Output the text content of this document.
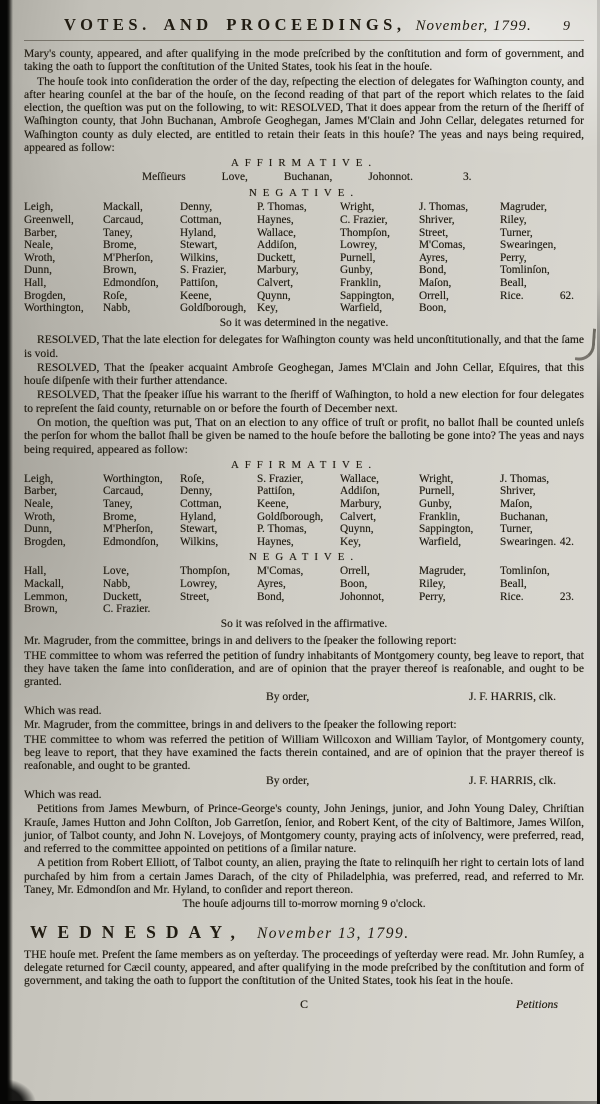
VOTES. AND PROCEEDINGS, November, 1799. 9

Mary's county, appeared, and after qualifying in the mode preſcribed by the conſtitution and form of government, and taking the oath to ſupport the conſtitution of the United States, took his ſeat in the houſe.

The houſe took into conſideration the order of the day, reſpecting the election of delegates for Waſhington county, and after hearing counſel at the bar of the houſe, on the ſecond reading of that part of the report which relates to the ſaid election, the queſtion was put on the following, to wit: RESOLVED, That it does appear from the return of the ſheriff of Waſhington county, that John Buchanan, Ambroſe Geoghegan, James M'Clain and John Cellar, delegates returned for Waſhington county as duly elected, are entitled to retain their ſeats in this houſe? The yeas and nays being required, appeared as follow:

AFFIRMATIVE.
Meſſieurs	Love,	Buchanan,	Johonnot.	3.
NEGATIVE.
62.
Leigh,	Mackall,	Denny,	P. Thomas,	Wright,	J. Thomas,	Magruder,
Greenwell,	Carcaud,	Cottman,	Haynes,	C. Frazier,	Shriver,	Riley,
Barber,	Taney,	Hyland,	Wallace,	Thompſon,	Street,	Turner,
Neale,	Brome,	Stewart,	Addiſon,	Lowrey,	M'Comas,	Swearingen,
Wroth,	M'Pherſon,	Wilkins,	Duckett,	Purnell,	Ayres,	Perry,
Dunn,	Brown,	S. Frazier,	Marbury,	Gunby,	Bond,	Tomlinſon,
Hall,	Edmondſon,	Pattiſon,	Calvert,	Franklin,	Maſon,	Beall,
Brogden,	Roſe,	Keene,	Quynn,	Sappington,	Orrell,	Rice.
Worthington,	Nabb,	Goldſborough, Key,	Warfield,	Boon,
So it was determined in the negative.

RESOLVED, That the late election for delegates for Waſhington county was held unconſtitutionally, and that the ſame is void.

RESOLVED, That the ſpeaker acquaint Ambroſe Geoghegan, James M'Clain and John Cellar, Eſquires, that this houſe diſpenſe with their further attendance.

RESOLVED, That the ſpeaker iſſue his warrant to the ſheriff of Waſhington, to hold a new election for four delegates to repreſent the ſaid county, returnable on or before the fourth of December next.

On motion, the queſtion was put, That on an election to any office of truſt or profit, no ballot ſhall be counted unleſs the perſon for whom the ballot ſhall be given be named to the houſe before the balloting be gone into? The yeas and nays being required, appeared as follow:

AFFIRMATIVE.
42.
Leigh,	Worthington,	Roſe,	S. Frazier,	Wallace,	Wright,	J. Thomas,
Barber,	Carcaud,	Denny,	Pattiſon,	Addiſon,	Purnell,	Shriver,
Neale,	Taney,	Cottman,	Keene,	Marbury,	Gunby,	Maſon,
Wroth,	Brome,	Hyland,	Goldſborough,	Calvert,	Franklin,	Buchanan,
Dunn,	M'Pherſon,	Stewart,	P. Thomas,	Quynn,	Sappington,	Turner,
Brogden,	Edmondſon,	Wilkins,	Haynes,	Key,	Warfield,	Swearingen.
NEGATIVE.
23.
Hall,	Love,	Thompſon,	M'Comas,	Orrell,	Magruder,	Tomlinſon,
Mackall,	Nabb,	Lowrey,	Ayres,	Boon,	Riley,	Beall,
Lemmon,	Duckett,	Street,	Bond,	Johonnot,	Perry,	Rice.
Brown,	C. Frazier.
So it was reſolved in the affirmative.

Mr. Magruder, from the committee, brings in and delivers to the ſpeaker the following report:

THE committee to whom was referred the petition of ſundry inhabitants of Montgomery county, beg leave to report, that they have taken the ſame into conſideration, and are of opinion that the prayer thereof is reaſonable, and ought to be granted.

By order,	J. F. HARRIS, clk.

Which was read.

Mr. Magruder, from the committee, brings in and delivers to the ſpeaker the following report:

THE committee to whom was referred the petition of William Willcoxon and William Taylor, of Montgomery county, beg leave to report, that they have examined the facts therein contained, and are of opinion that the prayer thereof is reaſonable, and ought to be granted.

By order,	J. F. HARRIS, clk.

Which was read.

Petitions from James Mewburn, of Prince-George's county, John Jenings, junior, and John Young Daley, Chriſtian Krauſe, James Hutton and John Colſton, Job Garretſon, ſenior, and Robert Kent, of the city of Baltimore, James Wilſon, junior, of Talbot county, and John N. Lovejoys, of Montgomery county, praying acts of inſolvency, were preferred, read, and referred to the committee appointed on petitions of a ſimilar nature.

A petition from Robert Elliott, of Talbot county, an alien, praying the ſtate to relinquiſh her right to certain lots of land purchaſed by him from a certain James Darach, of the city of Philadelphia, was preferred, read, and referred to Mr. Taney, Mr. Edmondſon and Mr. Hyland, to conſider and report thereon.

The houſe adjourns till to-morrow morning 9 o'clock.
WEDNESDAY, November 13, 1799.

THE houſe met. Preſent the ſame members as on yeſterday. The proceedings of yeſterday were read. Mr. John Rumſey, a delegate returned for Cæcil county, appeared, and after qualifying in the mode preſcribed by the conſtitution and form of government, and taking the oath to ſupport the conſtitution of the United States, took his ſeat in the houſe.

C	Petitions
